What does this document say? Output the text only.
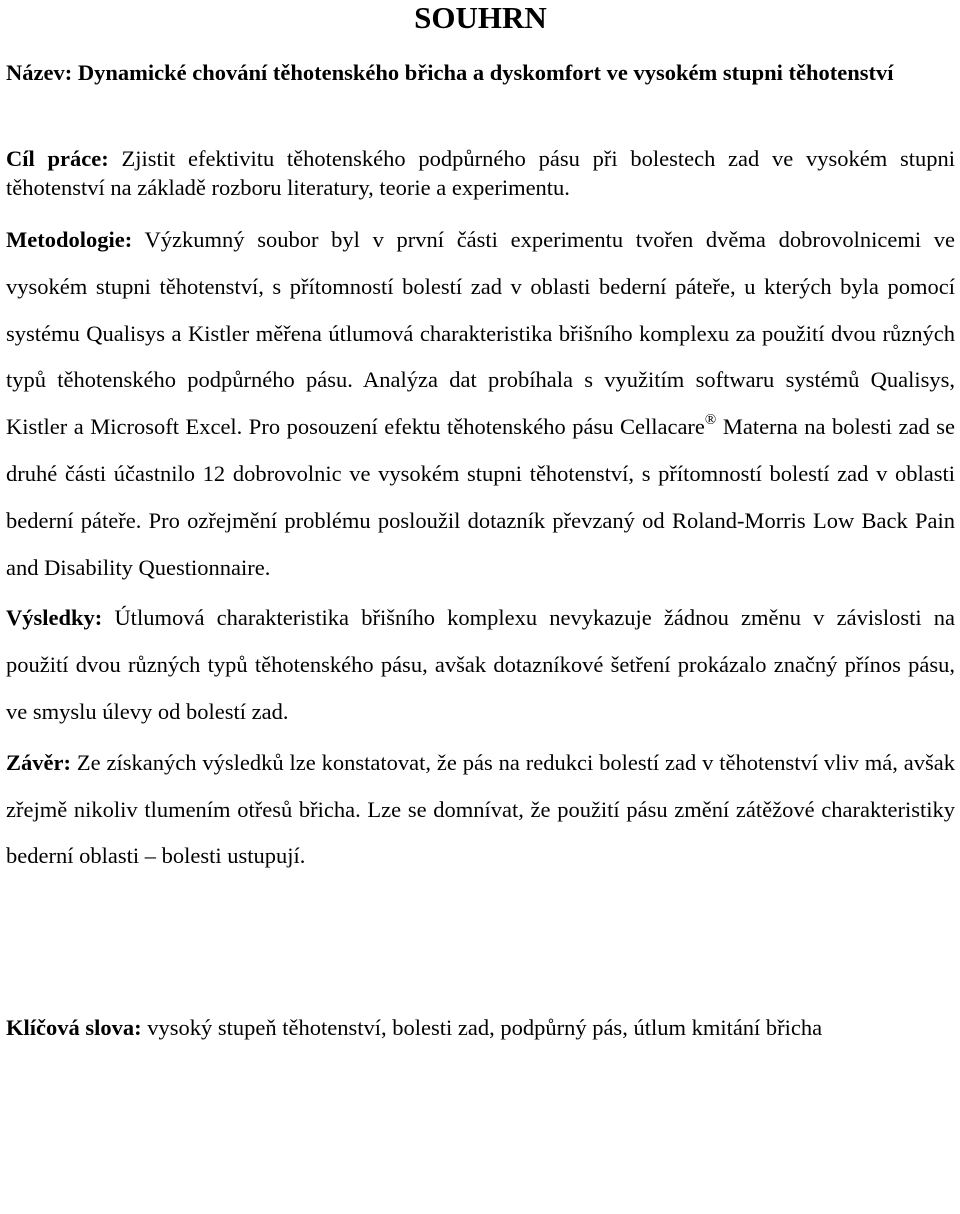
SOUHRN

Název: Dynamické chování těhotenského břicha a dyskomfort ve vysokém stupni těhotenství

Cíl práce: Zjistit efektivitu těhotenského podpůrného pásu při bolestech zad ve vysokém stupni těhotenství na základě rozboru literatury, teorie a experimentu.

Metodologie: Výzkumný soubor byl v první části experimentu tvořen dvěma dobrovolnicemi ve vysokém stupni těhotenství, s přítomností bolestí zad v oblasti bederní páteře, u kterých byla pomocí systému Qualisys a Kistler měřena útlumová charakteristika břišního komplexu za použití dvou různých typů těhotenského podpůrného pásu. Analýza dat probíhala s využitím softwaru systémů Qualisys, Kistler a Microsoft Excel. Pro posouzení efektu těhotenského pásu Cellacare® Materna na bolesti zad se druhé části účastnilo 12 dobrovolnic ve vysokém stupni těhotenství, s přítomností bolestí zad v oblasti bederní páteře. Pro ozřejmění problému posloužil dotazník převzaný od Roland-Morris Low Back Pain and Disability Questionnaire.

Výsledky: Útlumová charakteristika břišního komplexu nevykazuje žádnou změnu v závislosti na použití dvou různých typů těhotenského pásu, avšak dotazníkové šetření prokázalo značný přínos pásu, ve smyslu úlevy od bolestí zad.

Závěr: Ze získaných výsledků lze konstatovat, že pás na redukci bolestí zad v těhotenství vliv má, avšak zřejmě nikoliv tlumením otřesů břicha. Lze se domnívat, že použití pásu změní zátěžové charakteristiky bederní oblasti – bolesti ustupují.

Klíčová slova: vysoký stupeň těhotenství, bolesti zad, podpůrný pás, útlum kmitání břicha
